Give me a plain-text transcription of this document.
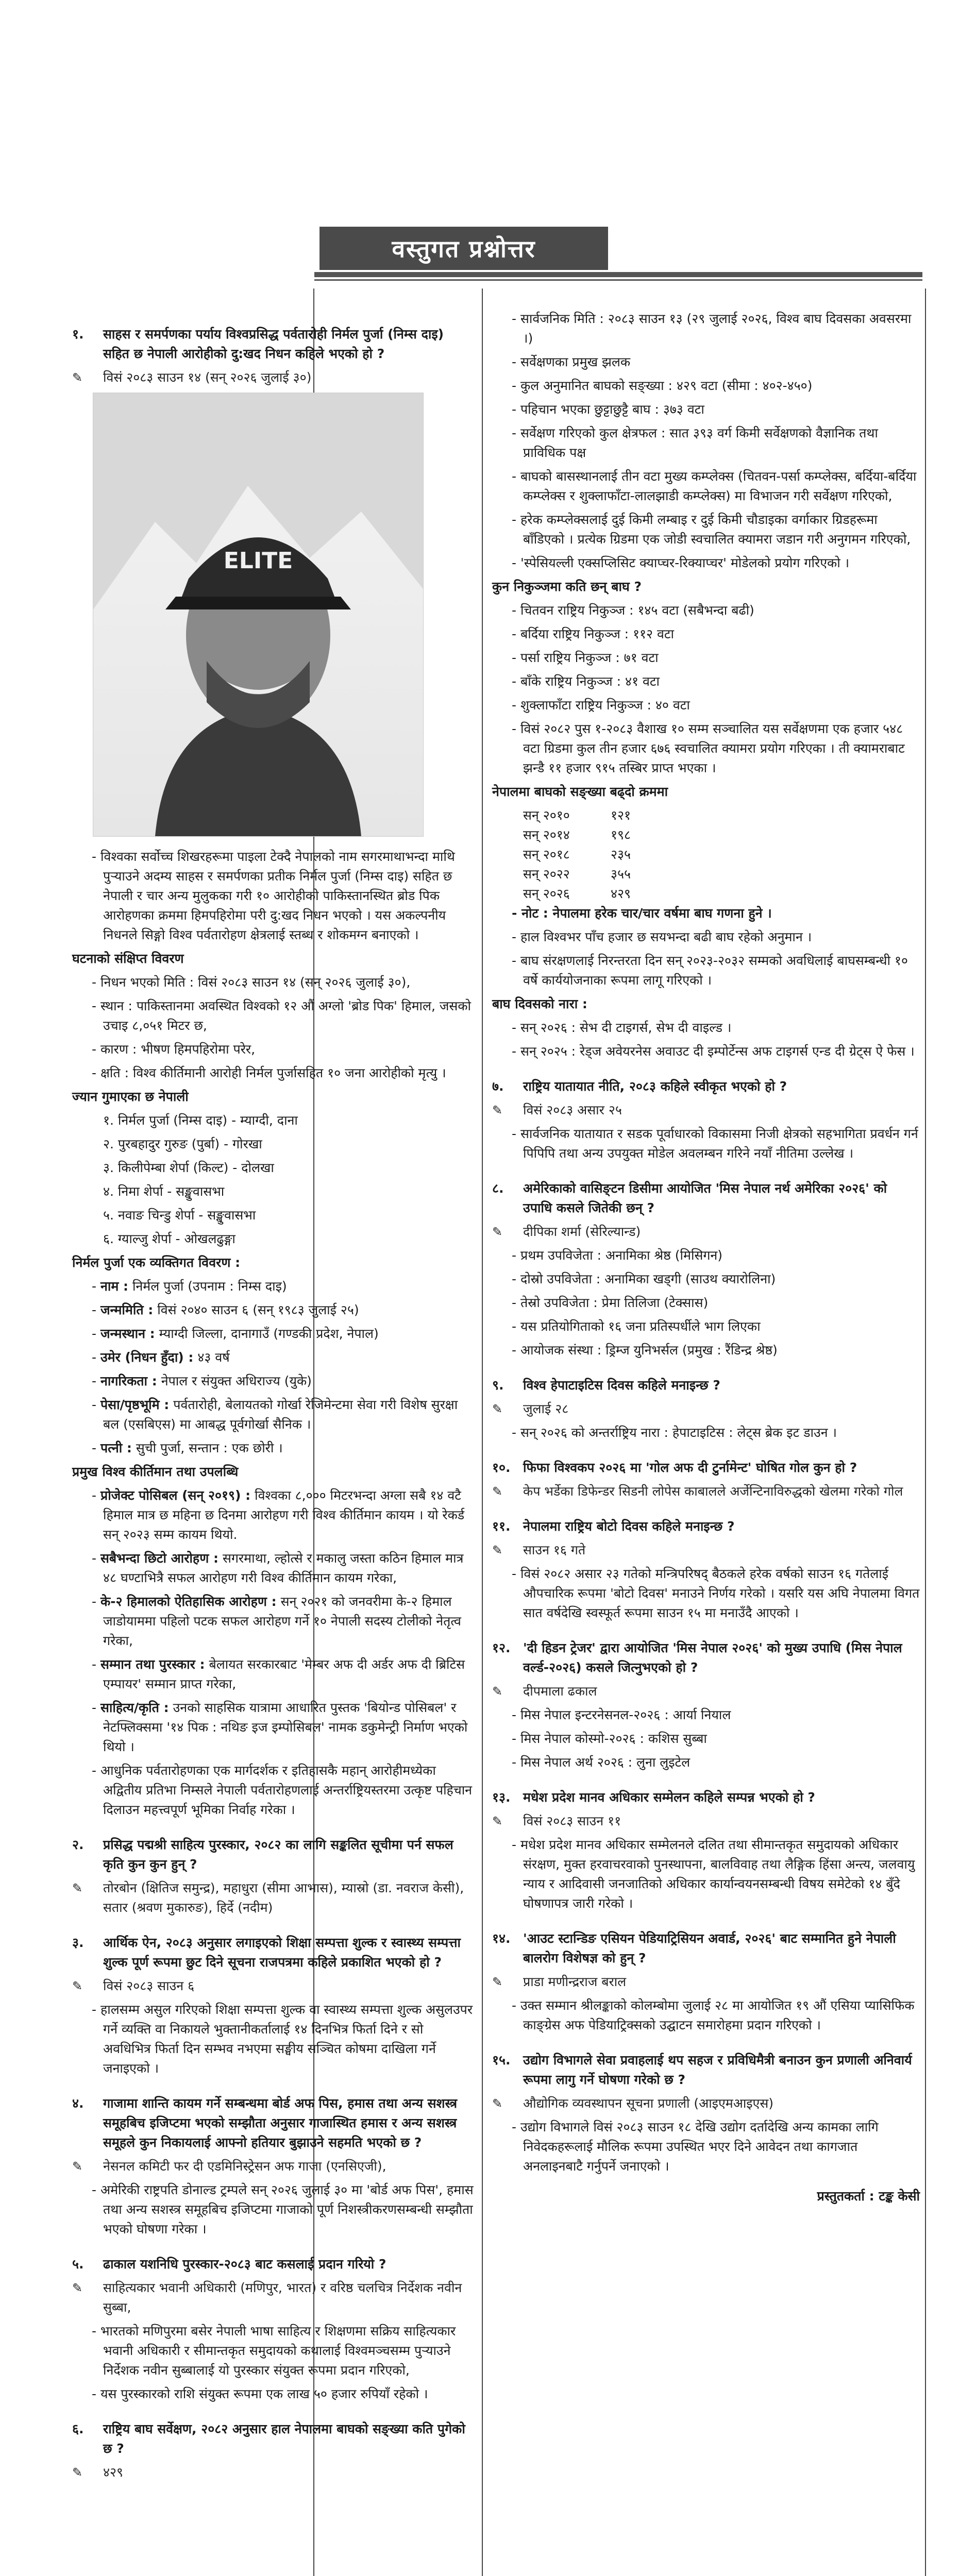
वस्तुगत प्रश्नोत्तर

१.	साहस र समर्पणका पर्याय विश्वप्रसिद्ध पर्वतारोही निर्मल पुर्जा (निम्स दाइ) सहित छ नेपाली आरोहीको दु:खद निधन कहिले भएको हो ?

✎	विसं २०८३ साउन १४ (सन् २०२६ जुलाई ३०)

ELITE

- विश्वका सर्वोच्च शिखरहरूमा पाइला टेक्दै नेपालको नाम सगरमाथाभन्दा माथि पुऱ्याउने अदम्य साहस र समर्पणका प्रतीक निर्मल पुर्जा (निम्स दाइ) सहित छ नेपाली र चार अन्य मुलुकका गरी १० आरोहीको पाकिस्तानस्थित ब्रोड पिक आरोहणका क्रममा हिमपहिरोमा परी दु:खद निधन भएको । यस अकल्पनीय निधनले सिङ्गो विश्व पर्वतारोहण क्षेत्रलाई स्तब्ध र शोकमग्न बनाएको ।

घटनाको संक्षिप्त विवरण

- निधन भएको मिति : विसं २०८३ साउन १४ (सन् २०२६ जुलाई ३०),

- स्थान : पाकिस्तानमा अवस्थित विश्वको १२ औं अग्लो 'ब्रोड पिक' हिमाल, जसको उचाइ ८,०५१ मिटर छ,

- कारण : भीषण हिमपहिरोमा परेर,

- क्षति : विश्व कीर्तिमानी आरोही निर्मल पुर्जासहित १० जना आरोहीको मृत्यु ।

ज्यान गुमाएका छ नेपाली

१. निर्मल पुर्जा (निम्स दाइ) - म्याग्दी, दाना

२. पुरबहादुर गुरुङ (पुर्बा) - गोरखा

३. किलीपेम्बा शेर्पा (किल्ट) - दोलखा

४. निमा शेर्पा - सङ्खुवासभा

५. नवाङ चिन्डु शेर्पा - सङ्खुवासभा

६. ग्याल्जु शेर्पा - ओखलढुङ्गा

निर्मल पुर्जा एक व्यक्तिगत विवरण :

- नाम : निर्मल पुर्जा (उपनाम : निम्स दाइ)

- जन्ममिति : विसं २०४० साउन ६ (सन् १९८३ जुलाई २५)

- जन्मस्थान : म्याग्दी जिल्ला, दानागाउँ (गण्डकी प्रदेश, नेपाल)

- उमेर (निधन हुँदा) : ४३ वर्ष

- नागरिकता : नेपाल र संयुक्त अधिराज्य (युके)

- पेसा/पृष्ठभूमि : पर्वतारोही, बेलायतको गोर्खा रेजिमेन्टमा सेवा गरी विशेष सुरक्षा बल (एसबिएस) मा आबद्ध पूर्वगोर्खा सैनिक ।

- पत्नी : सुची पुर्जा, सन्तान : एक छोरी ।

प्रमुख विश्व कीर्तिमान तथा उपलब्धि

- प्रोजेक्ट पोसिबल (सन् २०१९) : विश्वका ८,००० मिटरभन्दा अग्ला सबै १४ वटै हिमाल मात्र छ महिना छ दिनमा आरोहण गरी विश्व कीर्तिमान कायम । यो रेकर्ड सन् २०२३ सम्म कायम थियो.

- सबैभन्दा छिटो आरोहण : सगरमाथा, ल्होत्से र मकालु जस्ता कठिन हिमाल मात्र ४८ घण्टाभित्रै सफल आरोहण गरी विश्व कीर्तिमान कायम गरेका,

- के-२ हिमालको ऐतिहासिक आरोहण : सन् २०२१ को जनवरीमा के-२ हिमाल जाडोयाममा पहिलो पटक सफल आरोहण गर्ने १० नेपाली सदस्य टोलीको नेतृत्व गरेका,

- सम्मान तथा पुरस्कार : बेलायत सरकारबाट 'मेम्बर अफ दी अर्डर अफ दी ब्रिटिस एम्पायर' सम्मान प्राप्त गरेका,

- साहित्य/कृति : उनको साहसिक यात्रामा आधारित पुस्तक 'बियोन्ड पोसिबल' र नेटफ्लिक्समा '१४ पिक : नथिङ इज इम्पोसिबल' नामक डकुमेन्ट्री निर्माण भएको थियो ।

- आधुनिक पर्वतारोहणका एक मार्गदर्शक र इतिहासकै महान् आरोहीमध्येका अद्वितीय प्रतिभा निम्सले नेपाली पर्वतारोहणलाई अन्तर्राष्ट्रियस्तरमा उत्कृष्ट पहिचान दिलाउन महत्त्वपूर्ण भूमिका निर्वाह गरेका ।

२.	प्रसिद्ध पद्मश्री साहित्य पुरस्कार, २०८२ का लागि सङ्कलित सूचीमा पर्न सफल कृति कुन कुन हुन् ?

✎	तोरबोन (क्षितिज समुन्द्र), महाधुरा (सीमा आभास), म्यास्रो (डा. नवराज केसी), सतार (श्रवण मुकारुङ), हिर्दे (नदीम)

३.	आर्थिक ऐन, २०८३ अनुसार लगाइएको शिक्षा सम्पत्ता शुल्क र स्वास्थ्य सम्पत्ता शुल्क पूर्ण रूपमा छुट दिने सूचना राजपत्रमा कहिले प्रकाशित भएको हो ?

✎	विसं २०८३ साउन ६

- हालसम्म असुल गरिएको शिक्षा सम्पत्ता शुल्क वा स्वास्थ्य सम्पत्ता शुल्क असुलउपर गर्ने व्यक्ति वा निकायले भुक्तानीकर्तालाई १४ दिनभित्र फिर्ता दिने र सो अवधिभित्र फिर्ता दिन सम्भव नभएमा सङ्घीय सञ्चित कोषमा दाखिला गर्ने जनाइएको ।

४.	गाजामा शान्ति कायम गर्ने सम्बन्धमा बोर्ड अफ पिस, हमास तथा अन्य सशस्त्र समूहबिच इजिप्टमा भएको सम्झौता अनुसार गाजास्थित हमास र अन्य सशस्त्र समूहले कुन निकायलाई आफ्नो हतियार बुझाउने सहमति भएको छ ?

✎	नेसनल कमिटी फर दी एडमिनिस्ट्रेसन अफ गाजा (एनसिएजी),

- अमेरिकी राष्ट्रपति डोनाल्ड ट्रम्पले सन् २०२६ जुलाई ३० मा 'बोर्ड अफ पिस', हमास तथा अन्य सशस्त्र समूहबिच इजिप्टमा गाजाको पूर्ण निशस्त्रीकरणसम्बन्धी सम्झौता भएको घोषणा गरेका ।

५.	ढाकाल यशनिधि पुरस्कार-२०८३ बाट कसलाई प्रदान गरियो ?

✎	साहित्यकार भवानी अधिकारी (मणिपुर, भारत) र वरिष्ठ चलचित्र निर्देशक नवीन सुब्बा,

- भारतको मणिपुरमा बसेर नेपाली भाषा साहित्य र शिक्षणमा सक्रिय साहित्यकार भवानी अधिकारी र सीमान्तकृत समुदायको कथालाई विश्वमञ्चसम्म पुऱ्याउने निर्देशक नवीन सुब्बालाई यो पुरस्कार संयुक्त रूपमा प्रदान गरिएको,

- यस पुरस्कारको राशि संयुक्त रूपमा एक लाख ५० हजार रुपियाँ रहेको ।

६.	राष्ट्रिय बाघ सर्वेक्षण, २०८२ अनुसार हाल नेपालमा बाघको सङ्ख्या कति पुगेको छ ?

✎	४२९

- सार्वजनिक मिति : २०८३ साउन १३ (२९ जुलाई २०२६, विश्व बाघ दिवसका अवसरमा ।)

- सर्वेक्षणका प्रमुख झलक

- कुल अनुमानित बाघको सङ्ख्या : ४२९ वटा (सीमा : ४०२-४५०)

- पहिचान भएका छुट्टाछुट्टै बाघ : ३७३ वटा

- सर्वेक्षण गरिएको कुल क्षेत्रफल : सात ३९३ वर्ग किमी सर्वेक्षणको वैज्ञानिक तथा प्राविधिक पक्ष

- बाघको बासस्थानलाई तीन वटा मुख्य कम्प्लेक्स (चितवन-पर्सा कम्प्लेक्स, बर्दिया-बर्दिया कम्प्लेक्स र शुक्लाफाँटा-लालझाडी कम्प्लेक्स) मा विभाजन गरी सर्वेक्षण गरिएको,

- हरेक कम्प्लेक्सलाई दुई किमी लम्बाइ र दुई किमी चौडाइका वर्गाकार ग्रिडहरूमा बाँडिएको । प्रत्येक ग्रिडमा एक जोडी स्वचालित क्यामरा जडान गरी अनुगमन गरिएको,

- 'स्पेसियल्ली एक्सप्लिसिट क्याप्चर-रिक्याप्चर' मोडेलको प्रयोग गरिएको ।

कुन निकुञ्जमा कति छन् बाघ ?

- चितवन राष्ट्रिय निकुञ्ज : १४५ वटा (सबैभन्दा बढी)

- बर्दिया राष्ट्रिय निकुञ्ज : ११२ वटा

- पर्सा राष्ट्रिय निकुञ्ज : ७१ वटा

- बाँके राष्ट्रिय निकुञ्ज : ४१ वटा

- शुक्लाफाँटा राष्ट्रिय निकुञ्ज : ४० वटा

- विसं २०८२ पुस १-२०८३ वैशाख १० सम्म सञ्चालित यस सर्वेक्षणमा एक हजार ५४८ वटा ग्रिडमा कुल तीन हजार ६७६ स्वचालित क्यामरा प्रयोग गरिएका । ती क्यामराबाट झन्डै ११ हजार ९१५ तस्बिर प्राप्त भएका ।

नेपालमा बाघको सङ्ख्या बढ्दो क्रममा

सन् २०१०	१२१
सन् २०१४	१९८
सन् २०१८	२३५
सन् २०२२	३५५
सन् २०२६	४२९

- नोट : नेपालमा हरेक चार/चार वर्षमा बाघ गणना हुने ।

- हाल विश्वभर पाँच हजार छ सयभन्दा बढी बाघ रहेको अनुमान ।

- बाघ संरक्षणलाई निरन्तरता दिन सन् २०२३-२०३२ सम्मको अवधिलाई बाघसम्बन्धी १० वर्षे कार्ययोजनाका रूपमा लागू गरिएको ।

बाघ दिवसको नारा :

- सन् २०२६ : सेभ दी टाइगर्स, सेभ दी वाइल्ड ।

- सन् २०२५ : रेड्ज अवेयरनेस अवाउट दी इम्पोर्टेन्स अफ टाइगर्स एन्ड दी ग्रेट्स ऐ फेस ।

७.	राष्ट्रिय यातायात नीति, २०८३ कहिले स्वीकृत भएको हो ?

✎	विसं २०८३ असार २५

- सार्वजनिक यातायात र सडक पूर्वाधारको विकासमा निजी क्षेत्रको सहभागिता प्रवर्धन गर्न पिपिपि तथा अन्य उपयुक्त मोडेल अवलम्बन गरिने नयाँ नीतिमा उल्लेख ।

८.	अमेरिकाको वासिङ्टन डिसीमा आयोजित 'मिस नेपाल नर्थ अमेरिका २०२६' को उपाधि कसले जितेकी छन् ?

✎	दीपिका शर्मा (सेरिल्यान्ड)

- प्रथम उपविजेता : अनामिका श्रेष्ठ (मिसिगन)

- दोस्रो उपविजेता : अनामिका खड्गी (साउथ क्यारोलिना)

- तेस्रो उपविजेता : प्रेमा तिलिजा (टेक्सास)

- यस प्रतियोगिताको १६ जना प्रतिस्पर्धीले भाग लिएका

- आयोजक संस्था : ड्रिम्ज युनिभर्सल (प्रमुख : रैंडिन्द्र श्रेष्ठ)

९.	विश्व हेपाटाइटिस दिवस कहिले मनाइन्छ ?

✎	जुलाई २८

- सन् २०२६ को अन्तर्राष्ट्रिय नारा : हेपाटाइटिस : लेट्स ब्रेक इट डाउन ।

१०. फिफा विश्वकप २०२६ मा 'गोल अफ दी टुर्नामेन्ट' घोषित गोल कुन हो ?

✎	केप भर्डेका डिफेन्डर सिडनी लोपेस काबालले अर्जेन्टिनाविरुद्धको खेलमा गरेको गोल

११. नेपालमा राष्ट्रिय बोटो दिवस कहिले मनाइन्छ ?

✎	साउन १६ गते

- विसं २०८२ असार २३ गतेको मन्त्रिपरिषद् बैठकले हरेक वर्षको साउन १६ गतेलाई औपचारिक रूपमा 'बोटो दिवस' मनाउने निर्णय गरेको । यसरि यस अघि नेपालमा विगत सात वर्षदेखि स्वस्फूर्त रूपमा साउन १५ मा मनाउँदै आएको ।

१२. 'दी हिडन ट्रेजर' द्वारा आयोजित 'मिस नेपाल २०२६' को मुख्य उपाधि (मिस नेपाल वर्ल्ड-२०२६) कसले जित्नुभएको हो ?

✎	दीपमाला ढकाल

- मिस नेपाल इन्टरनेसनल-२०२६ : आर्या नियाल

- मिस नेपाल कोस्मो-२०२६ : कशिस सुब्बा

- मिस नेपाल अर्थ २०२६ : लुना लुइटेल

१३. मधेश प्रदेश मानव अधिकार सम्मेलन कहिले सम्पन्न भएको हो ?

✎	विसं २०८३ साउन ११

- मधेश प्रदेश मानव अधिकार सम्मेलनले दलित तथा सीमान्तकृत समुदायको अधिकार संरक्षण, मुक्त हरवाचरवाको पुनस्थापना, बालविवाह तथा लैङ्गिक हिंसा अन्त्य, जलवायु न्याय र आदिवासी जनजातिको अधिकार कार्यान्वयनसम्बन्धी विषय समेटेको १४ बुँदे घोषणापत्र जारी गरेको ।

१४. 'आउट स्टान्डिङ एसियन पेडियाट्रिसियन अवार्ड, २०२६' बाट सम्मानित हुने नेपाली बालरोग विशेषज्ञ को हुन् ?

✎	प्राडा मणीन्द्रराज बराल

- उक्त सम्मान श्रीलङ्काको कोलम्बोमा जुलाई २८ मा आयोजित १९ औं एसिया प्यासिफिक काङ्ग्रेस अफ पेडियाट्रिक्सको उद्घाटन समारोहमा प्रदान गरिएको ।

१५. उद्योग विभागले सेवा प्रवाहलाई थप सहज र प्रविधिमैत्री बनाउन कुन प्रणाली अनिवार्य रूपमा लागु गर्ने घोषणा गरेको छ ?

✎	औद्योगिक व्यवस्थापन सूचना प्रणाली (आइएमआइएस)

- उद्योग विभागले विसं २०८३ साउन १८ देखि उद्योग दर्तादेखि अन्य कामका लागि निवेदकहरूलाई मौलिक रूपमा उपस्थित भएर दिने आवेदन तथा कागजात अनलाइनबाटै गर्नुपर्ने जनाएको ।

प्रस्तुतकर्ता : टङ्क केसी
